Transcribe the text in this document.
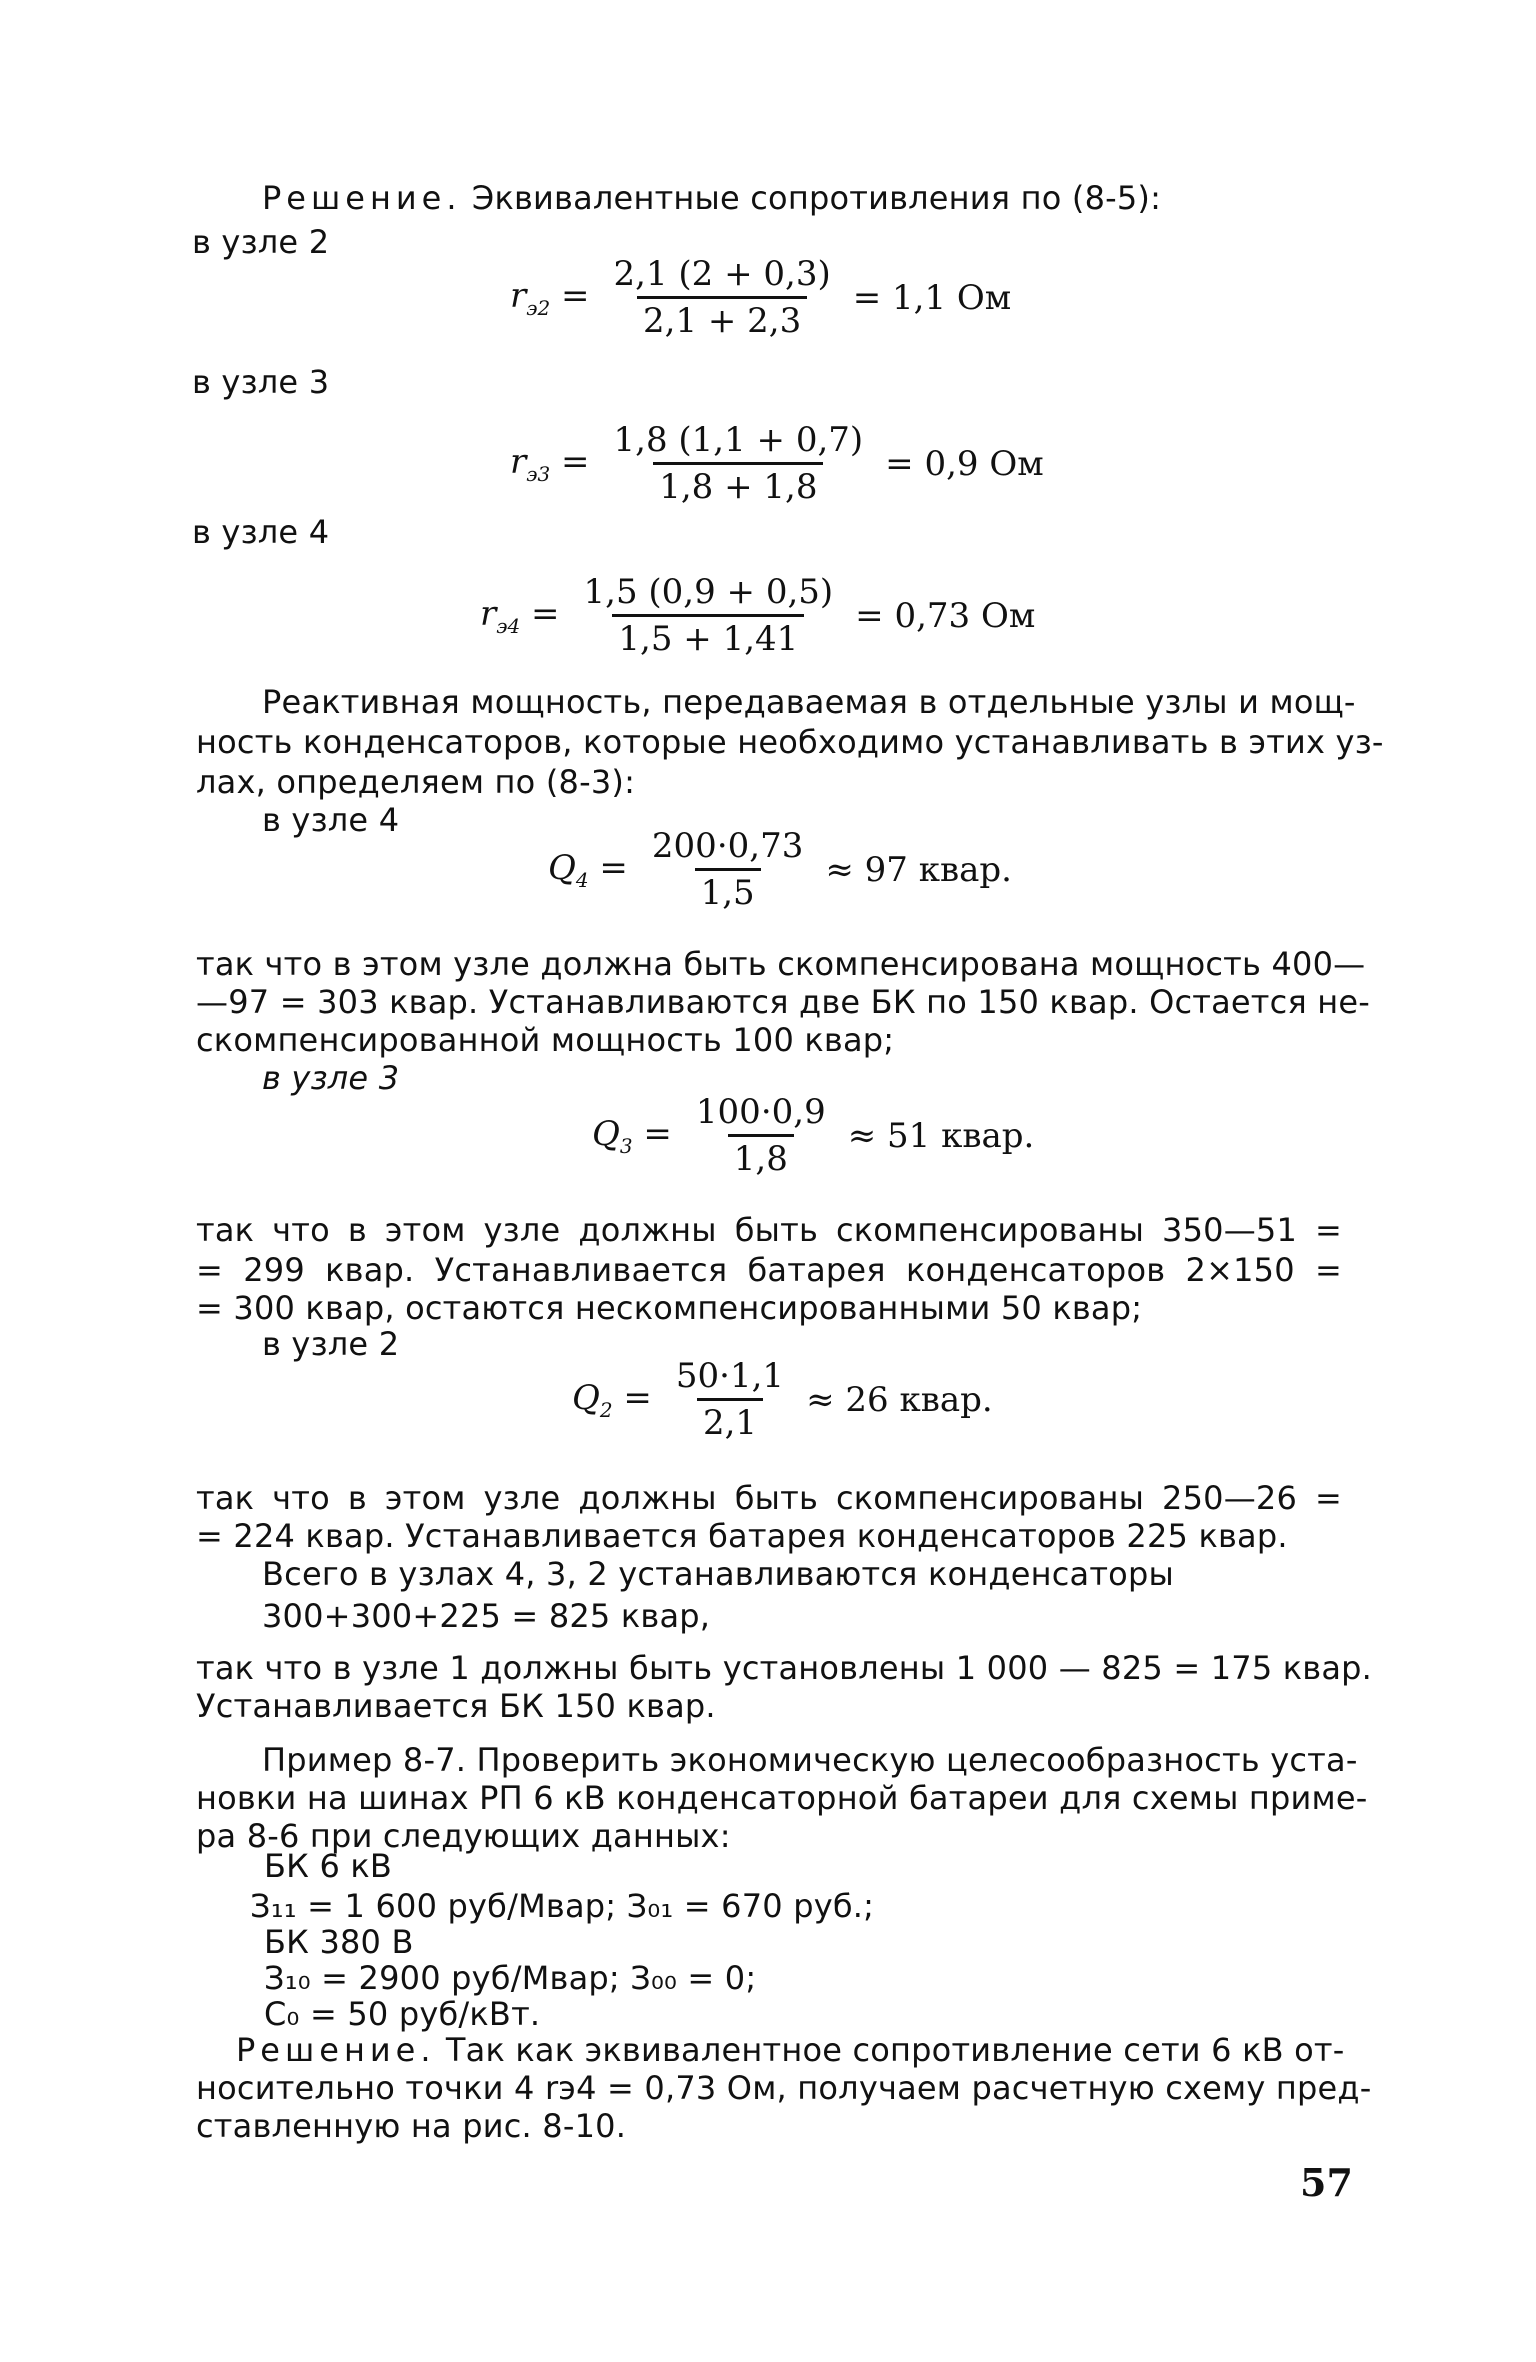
Решение. Эквивалентные сопротивления по (8-5):
в узле 2
$r_{э2} = \frac{2,1 (2 + 0,3)}{2,1 + 2,3} = 1,1$ Ом
в узле 3
$r_{э3} = \frac{1,8 (1,1 + 0,7)}{1,8 + 1,8} = 0,9$ Ом
в узле 4
$r_{э4} = \frac{1,5 (0,9 + 0,5)}{1,5 + 1,41} = 0,73$ Ом
Реактивная мощность, передаваемая в отдельные узлы и мощ-
ность конденсаторов, которые необходимо устанавливать в этих уз-
лах, определяем по (8-3):
в узле 4
$Q_4 = \frac{200\cdot 0,73}{1,5} \approx 97$ квар.
так что в этом узле должна быть скомпенсирована мощность 400—
—97 = 303 квар. Устанавливаются две БК по 150 квар. Остается не-
скомпенсированной мощность 100 квар;
в узле 3
$Q_3 = \frac{100\cdot 0,9}{1,8} \approx 51$ квар.
так что в этом узле должны быть скомпенсированы 350—51 =
= 299 квар. Устанавливается батарея конденсаторов 2×150 =
= 300 квар, остаются нескомпенсированными 50 квар;
в узле 2
$Q_2 = \frac{50\cdot 1,1}{2,1} \approx 26$ квар.
так что в этом узле должны быть скомпенсированы 250—26 =
= 224 квар. Устанавливается батарея конденсаторов 225 квар.
Всего в узлах 4, 3, 2 устанавливаются конденсаторы
300+300+225 = 825 квар,
так что в узле 1 должны быть установлены 1 000 — 825 = 175 квар.
Устанавливается БК 150 квар.
Пример 8-7. Проверить экономическую целесообразность уста-
новки на шинах РП 6 кВ конденсаторной батареи для схемы приме-
ра 8-6 при следующих данных:
БК 6 кВ
З₁₁ = 1 600 руб/Мвар; З₀₁ = 670 руб.;
БК 380 В
З₁₀ = 2900 руб/Мвар; З₀₀ = 0;
C₀ = 50 руб/кВт.
Решение. Так как эквивалентное сопротивление сети 6 кВ от-
носительно точки 4 rэ4 = 0,73 Ом, получаем расчетную схему пред-
ставленную на рис. 8-10.
57
